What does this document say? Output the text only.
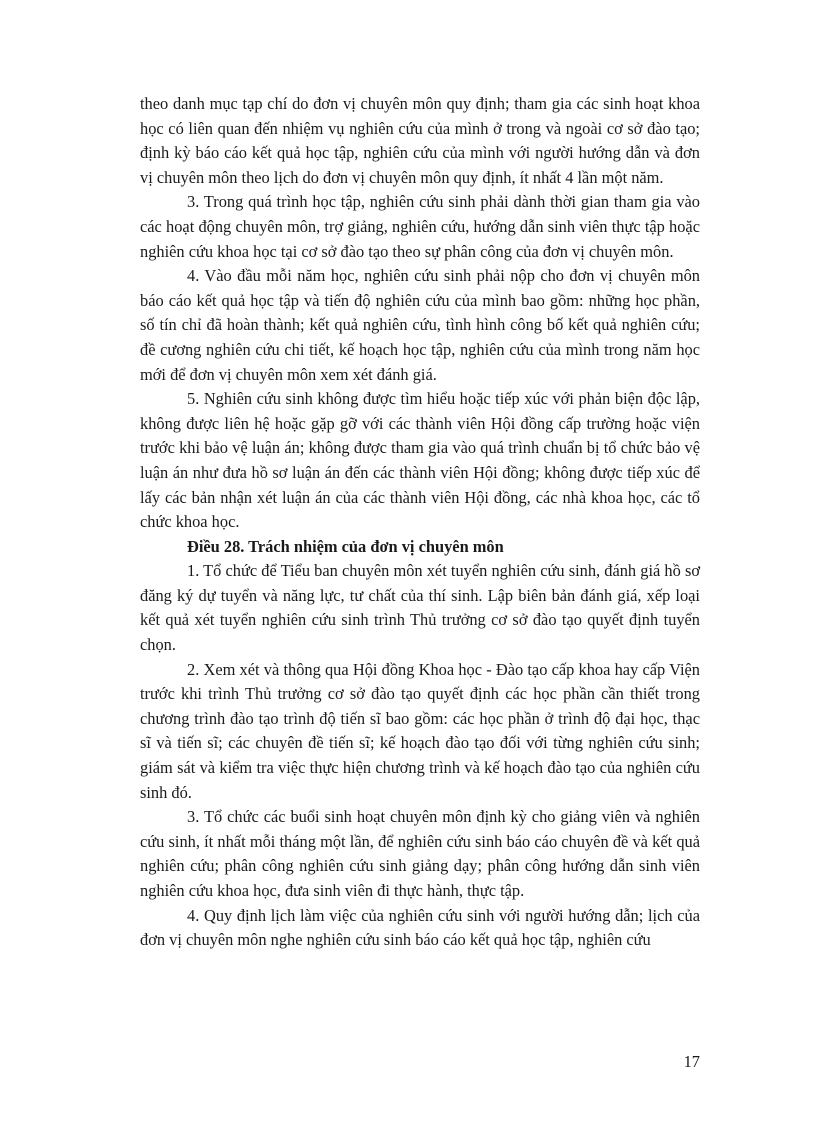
theo danh mục tạp chí do đơn vị chuyên môn quy định; tham gia các sinh hoạt khoa học có liên quan đến nhiệm vụ nghiên cứu của mình ở trong và ngoài cơ sở đào tạo; định kỳ báo cáo kết quả học tập, nghiên cứu của mình với người hướng dẫn và đơn vị chuyên môn theo lịch do đơn vị chuyên môn quy định, ít nhất 4 lần một năm.

3. Trong quá trình học tập, nghiên cứu sinh phải dành thời gian tham gia vào các hoạt động chuyên môn, trợ giảng, nghiên cứu, hướng dẫn sinh viên thực tập hoặc nghiên cứu khoa học tại cơ sở đào tạo theo sự phân công của đơn vị chuyên môn.

4. Vào đầu mỗi năm học, nghiên cứu sinh phải nộp cho đơn vị chuyên môn báo cáo kết quả học tập và tiến độ nghiên cứu của mình bao gồm: những học phần, số tín chỉ đã hoàn thành; kết quả nghiên cứu, tình hình công bố kết quả nghiên cứu; đề cương nghiên cứu chi tiết, kế hoạch học tập, nghiên cứu của mình trong năm học mới để đơn vị chuyên môn xem xét đánh giá.

5. Nghiên cứu sinh không được tìm hiểu hoặc tiếp xúc với phản biện độc lập, không được liên hệ hoặc gặp gỡ với các thành viên Hội đồng cấp trường hoặc viện trước khi bảo vệ luận án; không được tham gia vào quá trình chuẩn bị tổ chức bảo vệ luận án như đưa hồ sơ luận án đến các thành viên Hội đồng; không được tiếp xúc để lấy các bản nhận xét luận án của các thành viên Hội đồng, các nhà khoa học, các tổ chức khoa học.

Điều 28. Trách nhiệm của đơn vị chuyên môn

1. Tổ chức để Tiểu ban chuyên môn xét tuyển nghiên cứu sinh, đánh giá hồ sơ đăng ký dự tuyển và năng lực, tư chất của thí sinh. Lập biên bản đánh giá, xếp loại kết quả xét tuyển nghiên cứu sinh trình Thủ trưởng cơ sở đào tạo quyết định tuyển chọn.

2. Xem xét và thông qua Hội đồng Khoa học - Đào tạo cấp khoa hay cấp Viện trước khi trình Thủ trưởng cơ sở đào tạo quyết định các học phần cần thiết trong chương trình đào tạo trình độ tiến sĩ bao gồm: các học phần ở trình độ đại học, thạc sĩ và tiến sĩ; các chuyên đề tiến sĩ; kế hoạch đào tạo đối với từng nghiên cứu sinh; giám sát và kiểm tra việc thực hiện chương trình và kế hoạch đào tạo của nghiên cứu sinh đó.

3. Tổ chức các buổi sinh hoạt chuyên môn định kỳ cho giảng viên và nghiên cứu sinh, ít nhất mỗi tháng một lần, để nghiên cứu sinh báo cáo chuyên đề và kết quả nghiên cứu; phân công nghiên cứu sinh giảng dạy; phân công hướng dẫn sinh viên nghiên cứu khoa học, đưa sinh viên đi thực hành, thực tập.

4. Quy định lịch làm việc của nghiên cứu sinh với người hướng dẫn; lịch của đơn vị chuyên môn nghe nghiên cứu sinh báo cáo kết quả học tập, nghiên cứu

17
